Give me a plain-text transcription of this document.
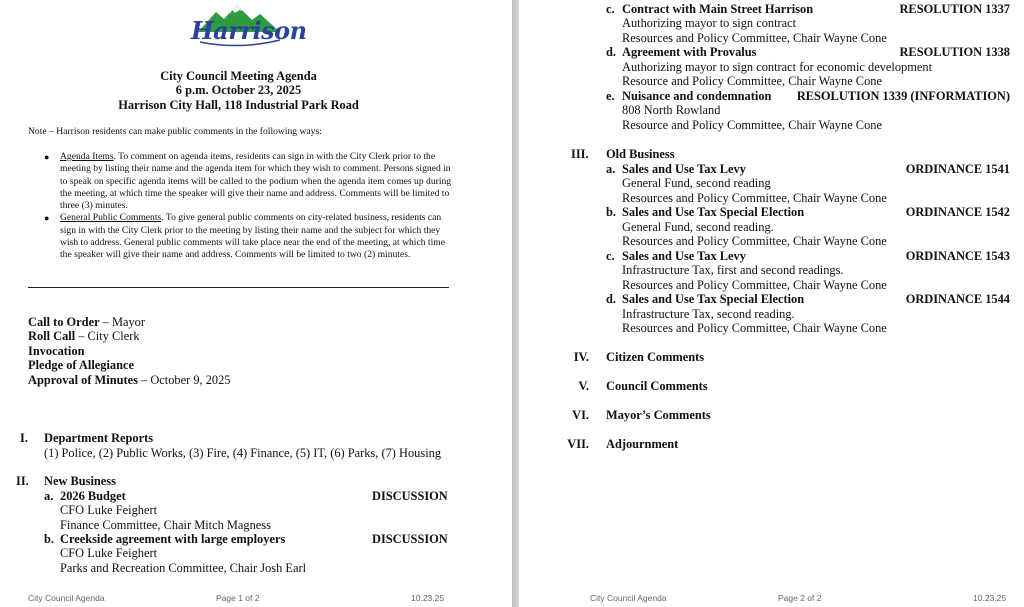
City of
Harrison
City Council Meeting Agenda
6 p.m. October 23, 2025
Harrison City Hall, 118 Industrial Park Road
Note – Harrison residents can make public comments in the following ways:
● Agenda Items. To comment on agenda items, residents can sign in with the City Clerk prior to the meeting by listing their name and the agenda item for which they wish to comment. Persons signed in to speak on specific agenda items will be called to the podium when the agenda item comes up during the meeting, at which time the speaker will give their name and address. Comments will be limited to three (3) minutes.
● General Public Comments. To give general public comments on city-related business, residents can sign in with the City Clerk prior to the meeting by listing their name and the subject for which they wish to address. General public comments will take place near the end of the meeting, at which time the speaker will give their name and address. Comments will be limited to two (2) minutes.
Call to Order – Mayor
Roll Call – City Clerk
Invocation
Pledge of Allegiance
Approval of Minutes – October 9, 2025
I. Department Reports
(1) Police, (2) Public Works, (3) Fire, (4) Finance, (5) IT, (6) Parks, (7) Housing
II. New Business
a. 2026 Budget	DISCUSSION
CFO Luke Feighert
Finance Committee, Chair Mitch Magness
b. Creekside agreement with large employers	DISCUSSION
CFO Luke Feighert
Parks and Recreation Committee, Chair Josh Earl
City Council Agenda	Page 1 of 2	10.23.25
c. Contract with Main Street Harrison	RESOLUTION 1337
Authorizing mayor to sign contract
Resources and Policy Committee, Chair Wayne Cone
d. Agreement with Provalus	RESOLUTION 1338
Authorizing mayor to sign contract for economic development
Resource and Policy Committee, Chair Wayne Cone
e. Nuisance and condemnation RESOLUTION 1339 (INFORMATION)
808 North Rowland
Resource and Policy Committee, Chair Wayne Cone
III. Old Business
a. Sales and Use Tax Levy	ORDINANCE 1541
General Fund, second reading
Resources and Policy Committee, Chair Wayne Cone
b. Sales and Use Tax Special Election	ORDINANCE 1542
General Fund, second reading.
Resources and Policy Committee, Chair Wayne Cone
c. Sales and Use Tax Levy	ORDINANCE 1543
Infrastructure Tax, first and second readings.
Resources and Policy Committee, Chair Wayne Cone
d. Sales and Use Tax Special Election	ORDINANCE 1544
Infrastructure Tax, second reading.
Resources and Policy Committee, Chair Wayne Cone
IV. Citizen Comments
V. Council Comments
VI. Mayor’s Comments
VII. Adjournment
City Council Agenda	Page 2 of 2	10.23.25
